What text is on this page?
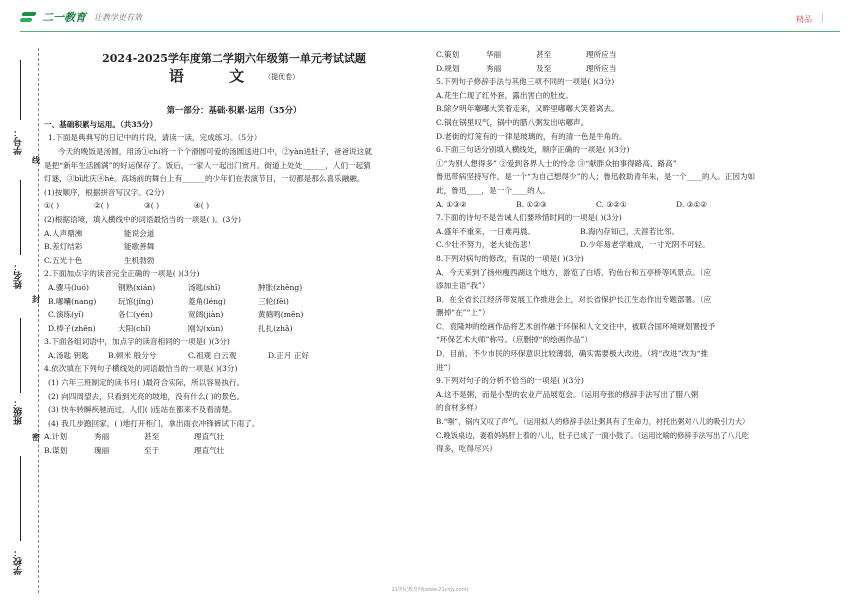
二一教育 让教学更有效	精品 |
学号：
姓名：
班级：
学校：
线
封
密
2024-2025学年度第二学期六年级第一单元考试试题
语 文（提优卷）
第一部分：基础·积累·运用（35分）

一、基础积累与运用。（共35分）

1.下面是典典写的日记中的片段，请读一读，完成练习。（5分）

今天的晚饭是汤圆，用汤①chí将一个个滑圆可爱的汤圆送进口中，②yàn进肚子，爸爸说这就

是把“新年生活圆满”的好运保存了。饭后，一家人一起出门赏月。街道上处处______，人们一起猜

灯谜，③bǐ此庆④hè。高场前的舞台上有______的少年们在表演节目，一切都是那么喜乐融融。

(1)按顺序，根据拼音写汉字。(2分)

①( )	②( )	③( )	④( )

(2)根据语境，填入横线中的词语最恰当的一项是( )。(3分)

A.人声鼎沸	能说会道
B.差灯结彩	能歌善舞
C.五光十色	生机勃勃

2.下面加点字的读音完全正确的一项是( )(3分)

A.骤马(luó)	钢熟(xián)	汤匙(shī)	肿胀(zhēng)
B.嘟囔(nang)	玩馆(jǐng)	菱角(léng)	三轮(fēi)
C.演练(yǐ)	各仁(yén)	宽阔(jiàn)	黄鹤鸣(mēn)
D.棒子(zhēn)	大阳(chǐ)	刚勾(xùn)	扎扎(zhǎ)

3.下面各组词语中，加点字的读音相同的一项是( )(3分)

A.汤匙 钥匙	B.顿米 般分兮	C.祖观 白云观	D.正月 正好

4.依次填在下列句子横线处的词语最恰当的一项是( )(3分)

(1) 六年三班制定的读书月( )最符合实际，所以容易执行。

(2) 向四周望去，只看到光亮的坡地，没有什么( )的景色。

(3) 快车转瞬疾驰而过，人们( )连站在都来不及看清楚。

(4) 我几步跑回家，( )地打开柜门，拿出雨衣冲锋裤试下雨了。

A.计划	秀丽	甚至	理直气壮
B.谋划	瑰丽	至于	理直气壮
C.策划	华丽	甚至	理所应当
D.规划	秀丽	及至	理所应当

5.下列句子修辞手法与其他三项不同的一项是( )(3分)

A.花生仁现了红外套，露出害白的肚皮。

B.除夕明年嘟嘟大笑着走来，又畔里嘟嘟大笑着离去。

C.锅在锅里叹气，锅中的腊八粥发出咕嘟声。

D.老街的灯笼有的一律是玻璃的，有的清一色是牛角的。

6.下面三句话分别填入横线处，顺序正确的一项是( )(3分)

①“为别人想得多” ②爱到各界人士的怜念 ③“献胖众拍事得路高、路高”

鲁迅带病坚持写作，是一个“为自己想得少”的人；鲁迅救助青年朱，是一个____的人。正因为如

此，鲁迅____，是一个____的人。

A. ①③②	B. ①②③	C. ③②①	D. ③①②

7.下面的诗句不是告诫人们要珍惜时间的一项是( )(3分)

A.盛年不重来，一日难再晨。	B.海内存知己，天涯若比邻。
C.少壮不努力，老大徒伤悲！	D.少年易老学难成，一寸光阴不可轻。

8.下列对病句的修改，有误的一项是( )(3分)

A．今天来到了扬州瘦西湖这个地方，游览了白塔、钓鱼台和五亭桥等风景点。（应

添加主语“我”）

B．在全省长江经济带发展工作推进会上，对长省保护长江生态作出专题部署。（应

删掉“在”“上”）

C．袁隆坤的绘画作品将艺术创作融于环保和人文交往中，被联合国环境规划署授予

“环保艺术大师”称号。（应删掉“的绘画作品”）

D．目前，不少市民的环保意识比较薄弱，确实需要极大改进。（将“改进”改为“推

进”）

9.下列对句子的分析不恰当的一项是( )(3分)

A.这不是粥，而是小型的农业产品展览会。（运用夸张的修辞手法写出了腊八粥

的食材多样）

B.“嗤”，锅内又叹了声气。（运用拟人的修辞手法让粥具有了生命力，衬托出粥对八儿的吸引力大）

C.晚饭桌边，妻看妈妈肝上着的八儿，肚子已成了一面小鼓了。（运用比喻的修辞手法写出了八儿吃

得多，吃得尽兴）

21世纪教育网(www.21cnjy.com)
